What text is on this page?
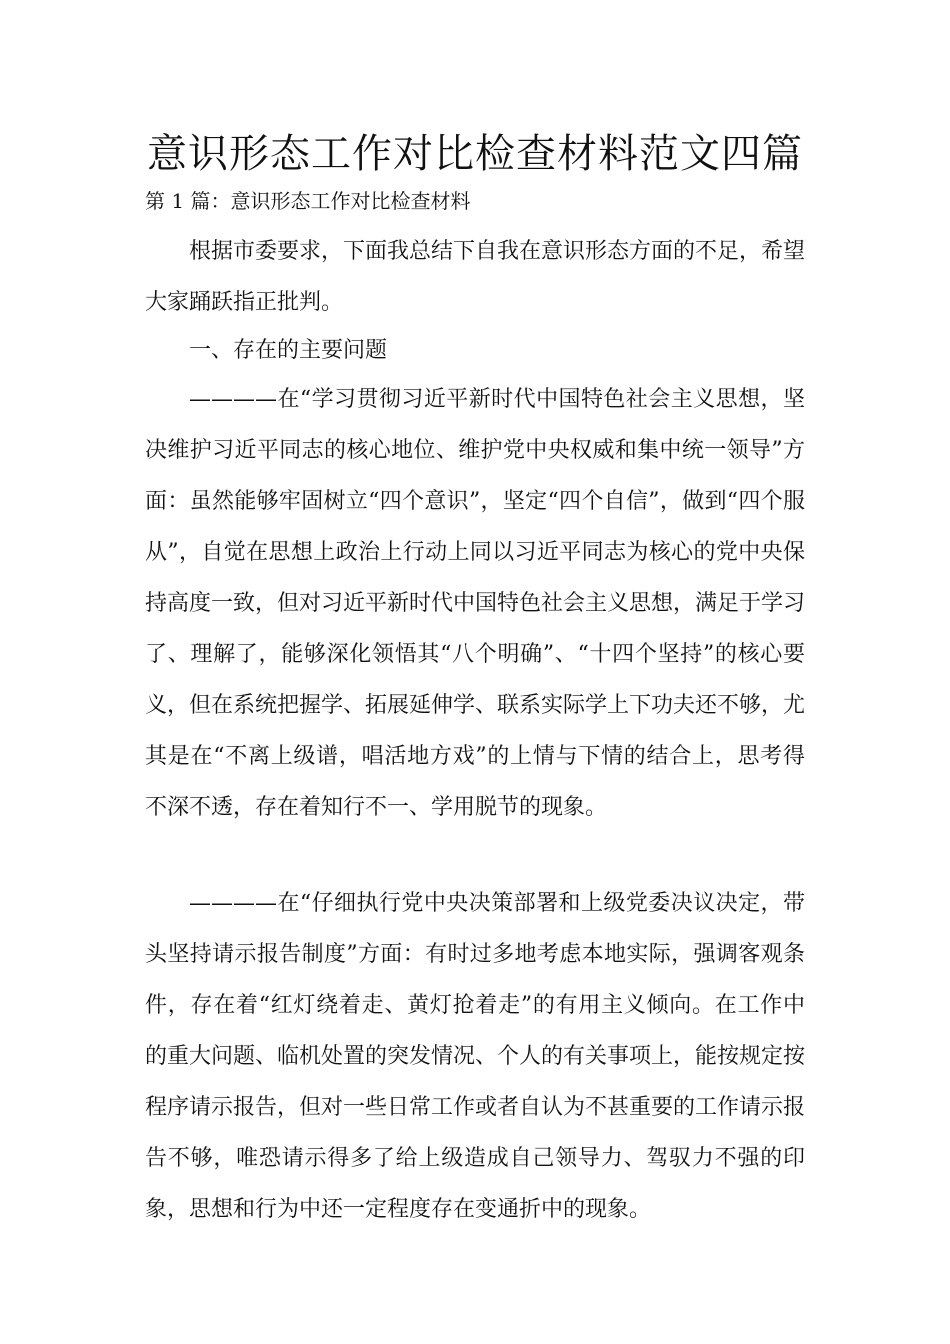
意识形态工作对比检查材料范文四篇

第 1 篇：意识形态工作对比检查材料

根据市委要求，下面我总结下自我在意识形态方面的不足，希望大家踊跃指正批判。

一、存在的主要问题

————在“学习贯彻习近平新时代中国特色社会主义思想，坚决维护习近平同志的核心地位、维护党中央权威和集中统一领导”方面：虽然能够牢固树立“四个意识”，坚定“四个自信”，做到“四个服从”，自觉在思想上政治上行动上同以习近平同志为核心的党中央保持高度一致，但对习近平新时代中国特色社会主义思想，满足于学习了、理解了，能够深化领悟其“八个明确”、“十四个坚持”的核心要义，但在系统把握学、拓展延伸学、联系实际学上下功夫还不够，尤其是在“不离上级谱，唱活地方戏”的上情与下情的结合上，思考得不深不透，存在着知行不一、学用脱节的现象。

————在“仔细执行党中央决策部署和上级党委决议决定，带头坚持请示报告制度”方面：有时过多地考虑本地实际，强调客观条件，存在着“红灯绕着走、黄灯抢着走”的有用主义倾向。在工作中的重大问题、临机处置的突发情况、个人的有关事项上，能按规定按程序请示报告，但对一些日常工作或者自认为不甚重要的工作请示报告不够，唯恐请示得多了给上级造成自己领导力、驾驭力不强的印象，思想和行为中还一定程度存在变通折中的现象。
